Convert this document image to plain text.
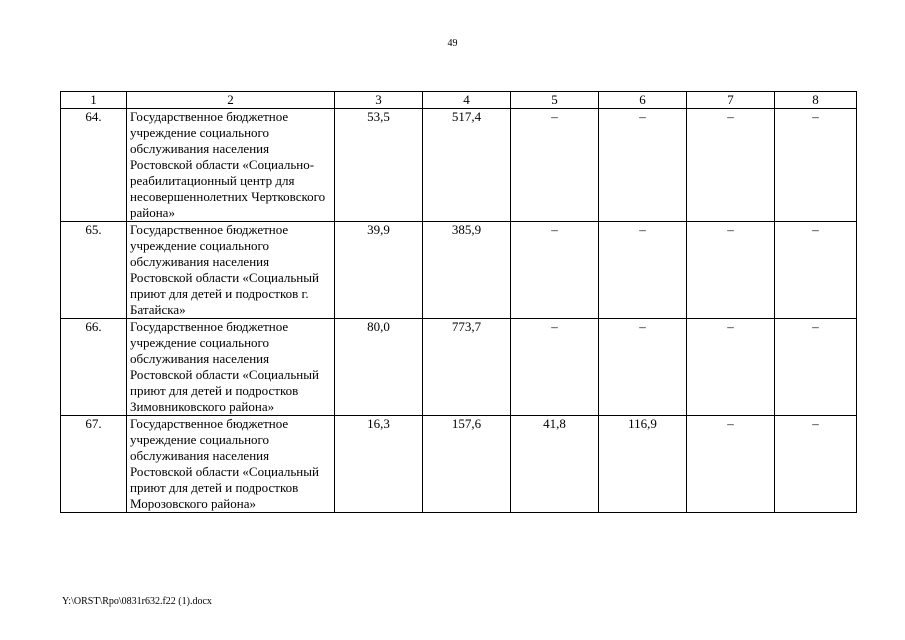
49
1	2	3	4	5	6	7	8
64.	Государственное бюджетное учреждение социального обслуживания населения Ростовской области «Социально-реабилитационный центр для несовершеннолетних Чертковского района»	53,5	517,4	–	–	–	–
65.	Государственное бюджетное учреждение социального обслуживания населения Ростовской области «Социальный приют для детей и подростков г. Батайска»	39,9	385,9	–	–	–	–
66.	Государственное бюджетное учреждение социального обслуживания населения Ростовской области «Социальный приют для детей и подростков Зимовниковского района»	80,0	773,7	–	–	–	–
67.	Государственное бюджетное учреждение социального обслуживания населения Ростовской области «Социальный приют для детей и подростков Морозовского района»	16,3	157,6	41,8	116,9	–	–
Y:\ORST\Rpo\0831r632.f22 (1).docx
